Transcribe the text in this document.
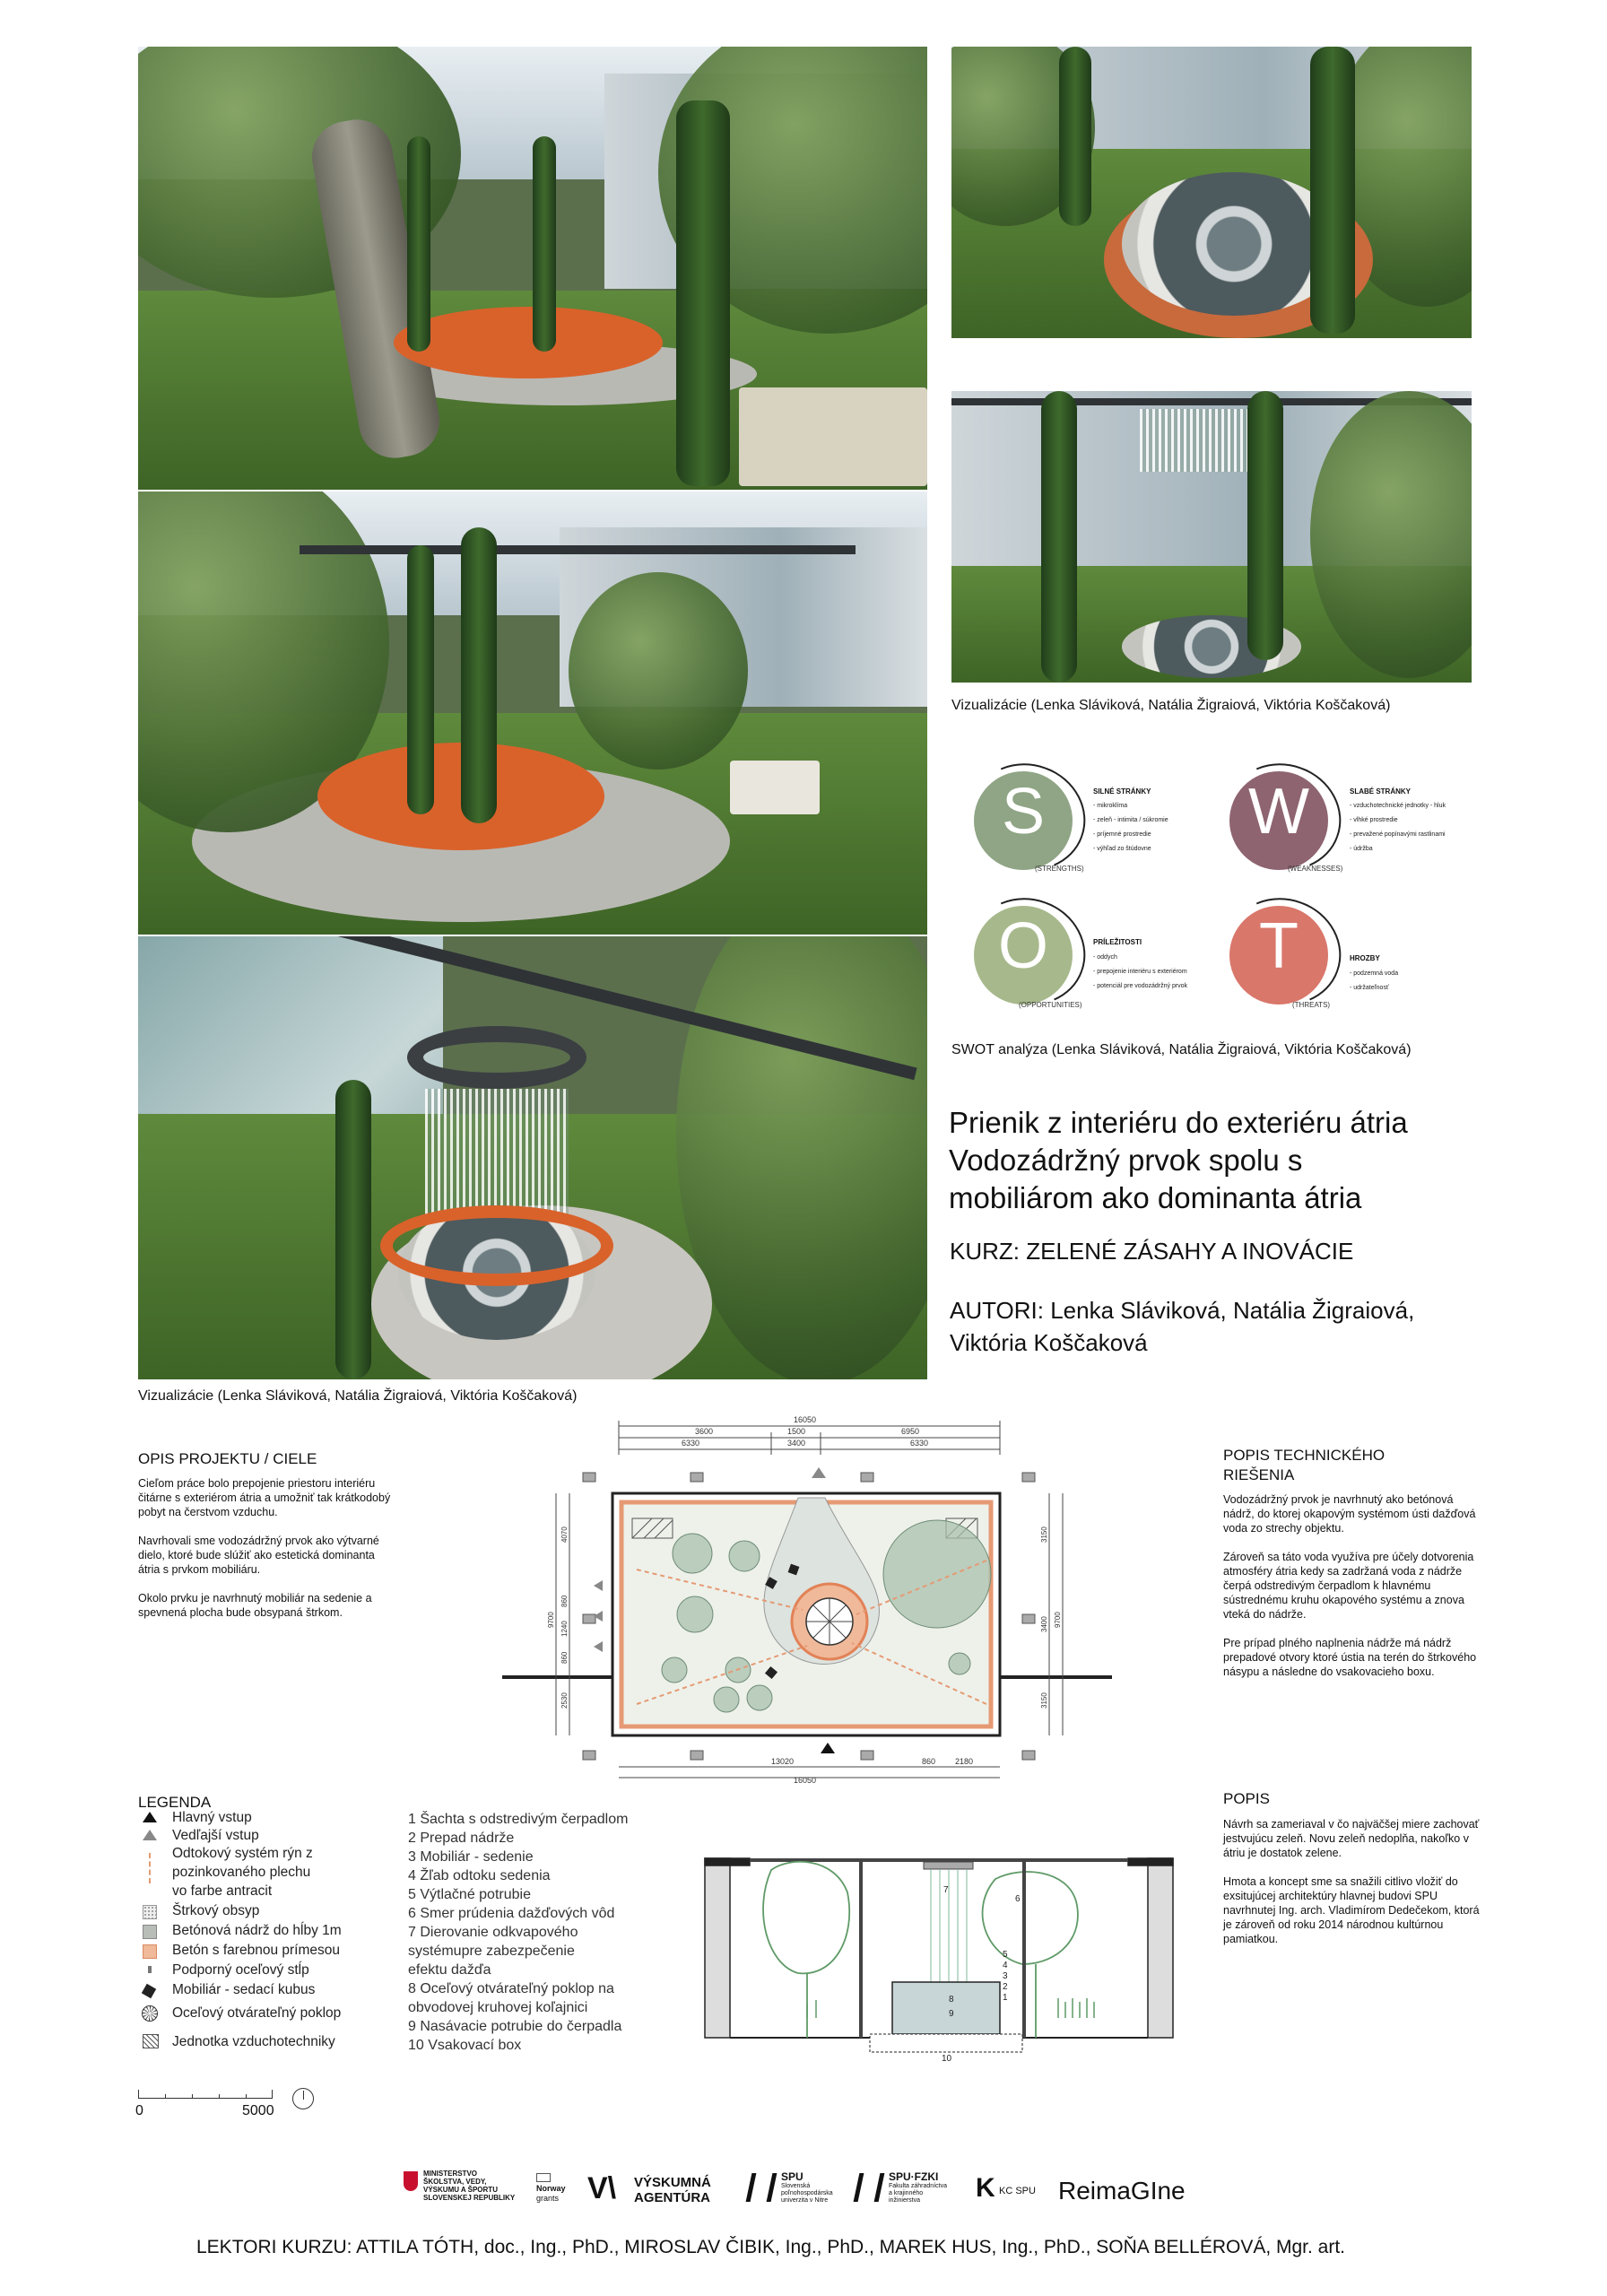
Vizualizácie (Lenka Sláviková, Natália Žigraiová, Viktória Koščaková)
Vizualizácie (Lenka Sláviková, Natália Žigraiová, Viktória Koščaková)
S
(STRENGTHS)
SILNÉ STRÁNKY
- mikroklíma
- zeleň - intimita / súkromie
- príjemné prostredie
- výhľad zo štúdovne
W
(WEAKNESSES)
SLABÉ STRÁNKY
- vzduchotechnické jednotky - hluk
- vlhké prostredie
- prevažené popínavými rastlinami
- údržba
O
(OPPORTUNITIES)
PRÍLEŽITOSTI
- oddych
- prepojenie interiéru s exteriérom
- potenciál pre vodozádržný prvok
T
(THREATS)
HROZBY
- podzemná voda
- udržateľnosť
SWOT analýza (Lenka Sláviková, Natália Žigraiová, Viktória Koščaková)
Prienik z interiéru do exteriéru átria
Vodozádržný prvok spolu s
mobiliárom ako dominanta átria
KURZ: ZELENÉ ZÁSAHY A INOVÁCIE
AUTORI: Lenka Sláviková, Natália Žigraiová,
Viktória Koščaková
OPIS PROJEKTU / CIELE

Cieľom práce bolo prepojenie priestoru interiéru čitárne s exteriérom átria a umožniť tak krátkodobý pobyt na čerstvom vzduchu.

Navrhovali sme vodozádržný prvok ako výtvarné dielo, ktoré bude slúžiť ako estetická dominanta átria s prvkom mobiliáru.

Okolo prvku je navrhnutý mobiliár na sedenie a spevnená plocha bude obsypaná štrkom.

16050
3600	1500	6950
6330	3400	6330
4070
9700
860
1240
860
2530
3150
3400 9700
3150
13020
16050
860 2180
POPIS TECHNICKÉHO
RIEŠENIA

Vodozádržný prvok je navrhnutý ako betónová nádrž, do ktorej okapovým systémom ústi dažďová voda zo strechy objektu.

Zároveň sa táto voda využíva pre účely dotvorenia atmosféry átria kedy sa zadržaná voda z nádrže čerpá odstredivým čerpadlom k hlavnému sústrednému kruhu okapového systému a znova vteká do nádrže.

Pre prípad plného naplnenia nádrže má nádrž prepadové otvory ktoré ústia na terén do štrkového násypu a následne do vsakovacieho boxu.

LEGENDA
Hlavný vstup
Vedľajší vstup
Odtokový systém rýn z
pozinkovaného plechu
vo farbe antracit
Štrkový obsyp
Betónová nádrž do hĺby 1m
Betón s farebnou prímesou
Podporný oceľový stĺp
Mobiliár - sedací kubus
Oceľový otvárateľný poklop
Jednotka vzduchotechniky
0	5000
1 Šachta s odstredivým čerpadlom
2 Prepad nádrže
3 Mobiliár - sedenie
4 Žľab odtoku sedenia
5 Výtlačné potrubie
6 Smer prúdenia dažďových vôd
7 Dierovanie odkvapového
systémupre zabezpečenie
efektu dažďa
8 Oceľový otvárateľný poklop na
obvodovej kruhovej koľajnici
9 Nasávacie potrubie do čerpadla
10 Vsakovací box
1
2
3
4
5
6
7
8
9
10
POPIS

Návrh sa zameriaval v čo najväčšej miere zachovať jestvujúcu zeleň. Novu zeleň nedoplňa, nakoľko v átriu je dostatok zelene.

Hmota a koncept sme sa snažili citlivo vložiť do exsitujúcej architektúry hlavnej budovi SPU navrhnutej Ing. arch. Vladimírom Dedečekom, ktorá je zároveň od roku 2014 národnou kultúrnou pamiatkou.

MINISTERSTVO
ŠKOLSTVA, VEDY,
VÝSKUMU A ŠPORTU
SLOVENSKEJ REPUBLIKY
Norway
grants V\ VÝSKUMNÁ
AGENTÚRA
SPU
Slovenská
poľnohospodárska
univerzita v Nitre
SPU·FZKI
Fakulta záhradníctva
a krajinného
inžinierstva	K KC SPU ReimaGIne
LEKTORI KURZU: ATTILA TÓTH, doc., Ing., PhD., MIROSLAV ČIBIK, Ing., PhD., MAREK HUS, Ing., PhD., SOŇA BELLÉROVÁ, Mgr. art.
